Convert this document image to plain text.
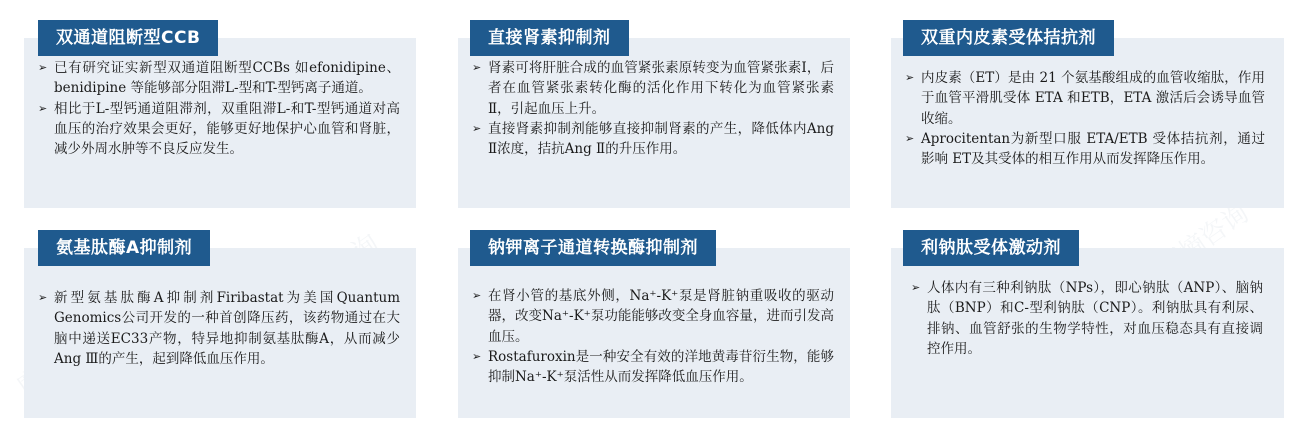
摩熵咨询
➢ 已有研究证实新型双通道阻断型CCBs 如efonidipine、benidipine 等能够部分阻滞L-型和T-型钙离子通道。
➢ 相比于L-型钙通道阻滞剂，双重阻滞L-和T-型钙通道对高血压的治疗效果会更好，能够更好地保护心血管和肾脏，减少外周水肿等不良反应发生。
双通道阻断型CCB
➢ 肾素可将肝脏合成的血管紧张素原转变为血管紧张素Ⅰ，后者在血管紧张素转化酶的活化作用下转化为血管紧张素Ⅱ，引起血压上升。
➢ 直接肾素抑制剂能够直接抑制肾素的产生，降低体内Ang Ⅱ浓度，拮抗Ang Ⅱ的升压作用。
直接肾素抑制剂
➢ 内皮素（ET）是由 21 个氨基酸组成的血管收缩肽，作用于血管平滑肌受体 ETA 和ETB，ETA 激活后会诱导血管收缩。
➢ Aprocitentan为新型口服 ETA/ETB 受体拮抗剂，通过影响 ET及其受体的相互作用从而发挥降压作用。
双重内皮素受体拮抗剂
➢ 新型氨基肽酶A抑制剂Firibastat为美国Quantum Genomics公司开发的一种首创降压药，该药物通过在大脑中递送EC33产物，特异地抑制氨基肽酶A，从而减少Ang Ⅲ的产生，起到降低血压作用。
氨基肽酶A抑制剂
➢ 在肾小管的基底外侧，Na⁺-K⁺泵是肾脏钠重吸收的驱动器，改变Na⁺-K⁺泵功能能够改变全身血容量，进而引发高血压。
➢ Rostafuroxin是一种安全有效的洋地黄毒苷衍生物，能够抑制Na⁺-K⁺泵活性从而发挥降低血压作用。
钠钾离子通道转换酶抑制剂
➢ 人体内有三种利钠肽（NPs），即心钠肽（ANP）、脑钠肽（BNP）和C-型利钠肽（CNP）。利钠肽具有利尿、排钠、血管舒张的生物学特性，对血压稳态具有直接调控作用。
利钠肽受体激动剂
